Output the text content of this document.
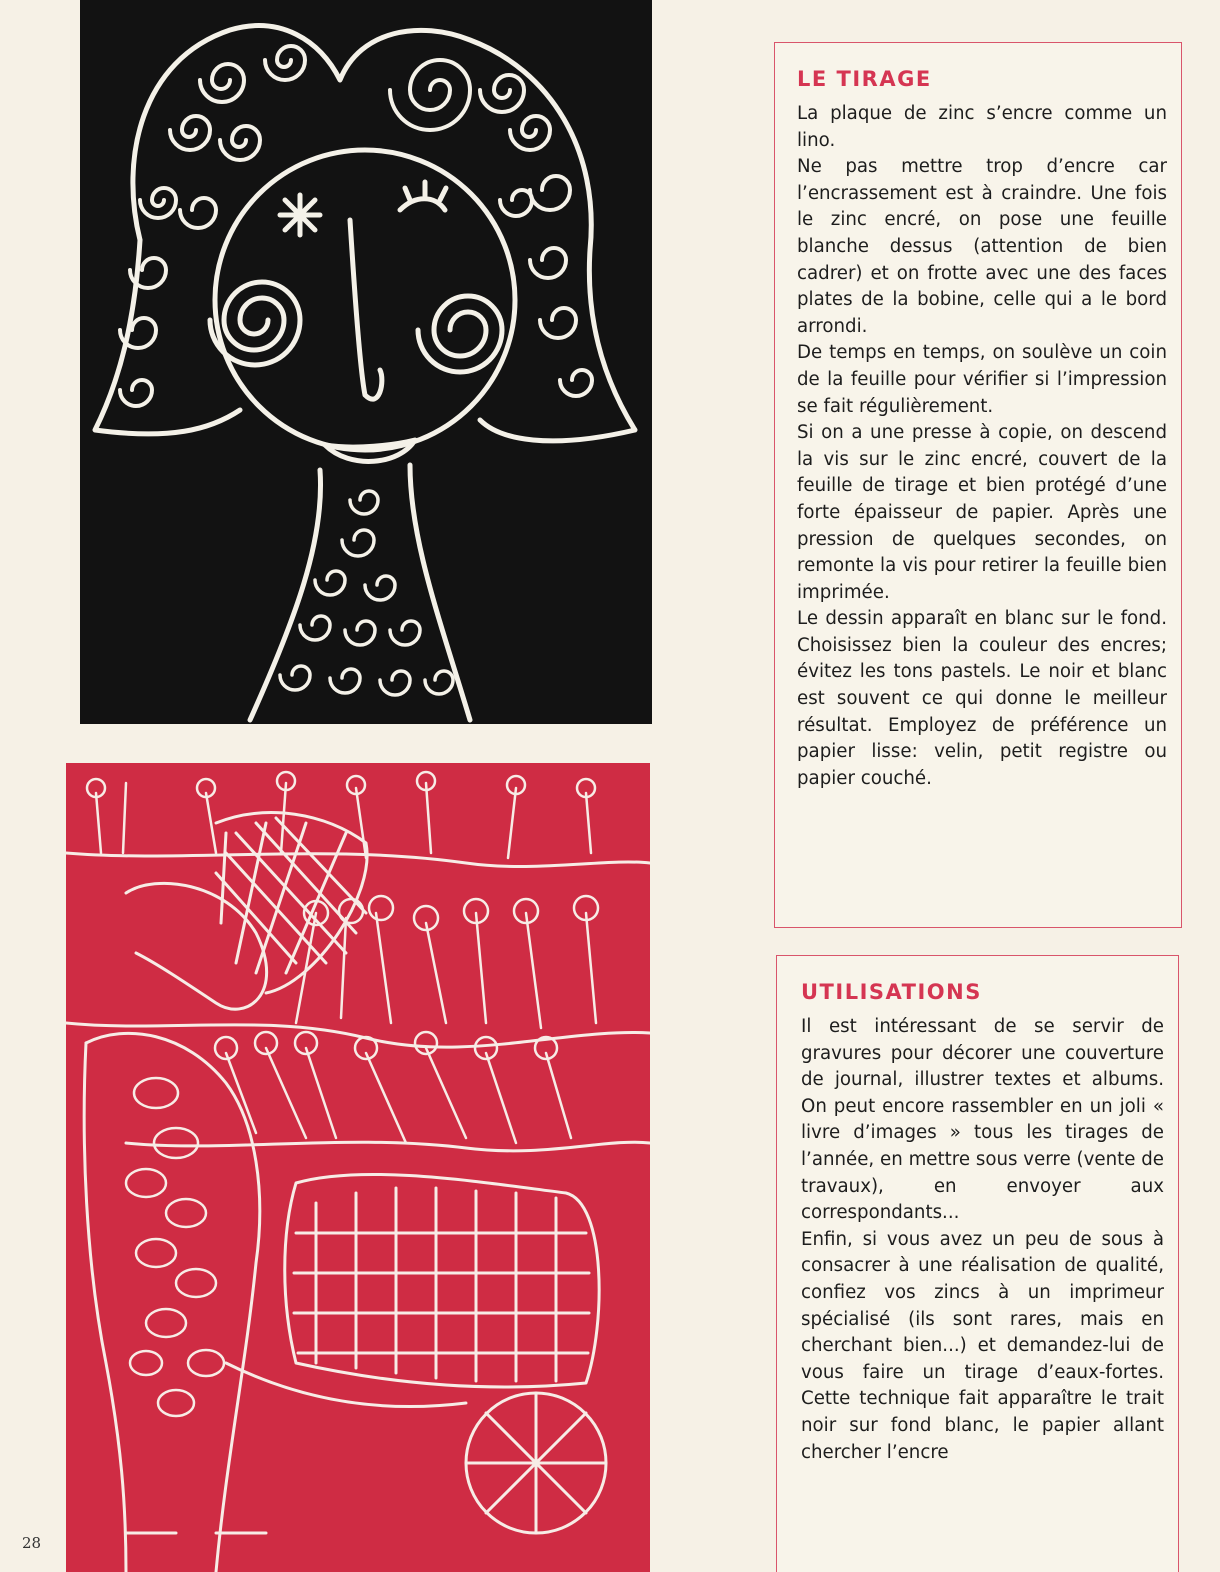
LE TIRAGE

La plaque de zinc s’encre comme un lino.

Ne pas mettre trop d’encre car l’encrassement est à craindre. Une fois le zinc encré, on pose une feuille blanche dessus (attention de bien cadrer) et on frotte avec une des faces plates de la bobine, celle qui a le bord arrondi.

De temps en temps, on soulève un coin de la feuille pour vérifier si l’impression se fait régulièrement.

Si on a une presse à copie, on descend la vis sur le zinc encré, couvert de la feuille de tirage et bien protégé d’une forte épaisseur de papier. Après une pression de quelques secondes, on remonte la vis pour retirer la feuille bien imprimée.

Le dessin apparaît en blanc sur le fond. Choisissez bien la couleur des encres; évitez les tons pastels. Le noir et blanc est souvent ce qui donne le meilleur résultat. Employez de préférence un papier lisse: velin, petit registre ou papier couché.

UTILISATIONS

Il est intéressant de se servir de gravures pour décorer une couverture de journal, illustrer textes et albums. On peut encore rassembler en un joli « livre d’images » tous les tirages de l’année, en mettre sous verre (vente de travaux), en envoyer aux correspondants...

Enfin, si vous avez un peu de sous à consacrer à une réalisation de qualité, confiez vos zincs à un imprimeur spécialisé (ils sont rares, mais en cherchant bien...) et demandez-lui de vous faire un tirage d’eaux-fortes. Cette technique fait apparaître le trait noir sur fond blanc, le papier allant chercher l’encre

28
